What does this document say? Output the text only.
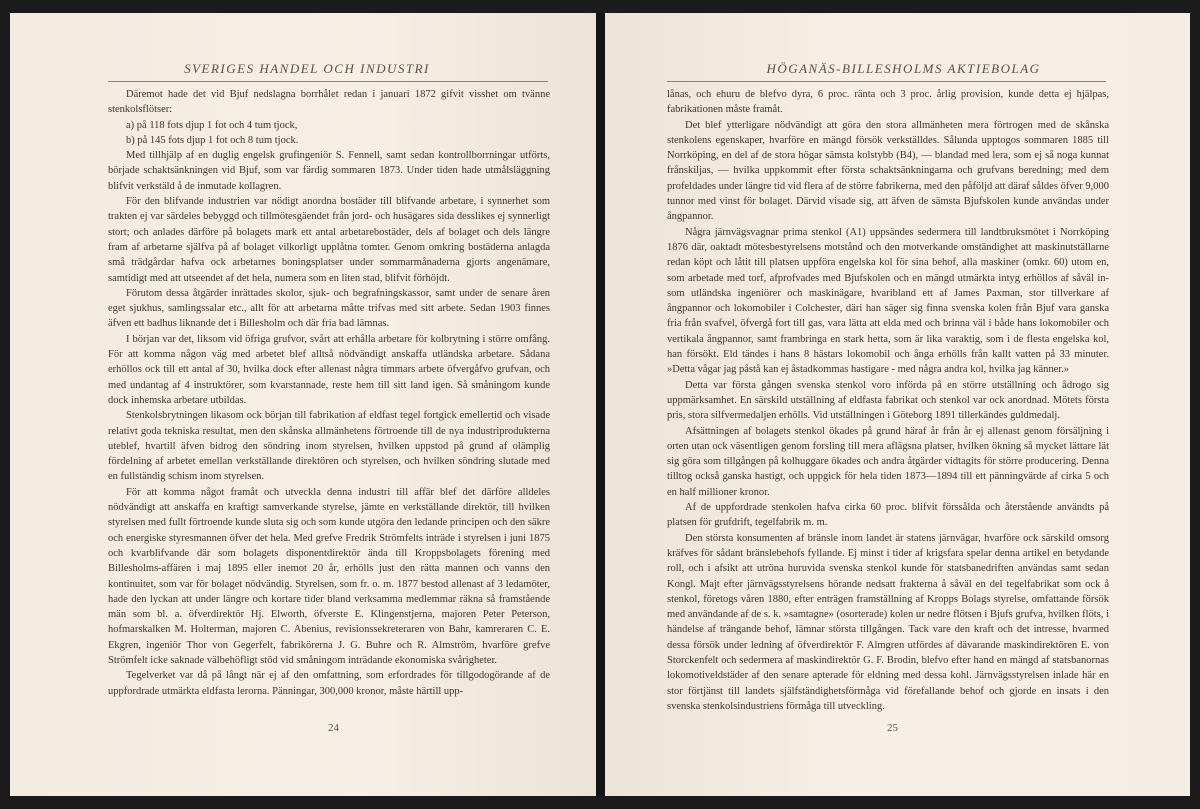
SVERIGES HANDEL OCH INDUSTRI

Däremot hade det vid Bjuf nedslagna borrhålet redan i januari 1872 gifvit visshet om tvänne stenkolsflötser:

a) på 118 fots djup 1 fot och 4 tum tjock,

b) på 145 fots djup 1 fot och 8 tum tjock.

Med tillhjälp af en duglig engelsk grufingeniör S. Fennell, samt sedan kontrollborrningar utförts, började schaktsänkningen vid Bjuf, som var färdig sommaren 1873. Under tiden hade utmålsläggning blifvit verkstäld å de inmutade kollagren.

För den blifvande industrien var nödigt anordna bostäder till blifvande arbetare, i synnerhet som trakten ej var särdeles bebyggd och tillmötesgäendet från jord- och husägares sida desslikes ej synnerligt stort; och anlades därföre på bolagets mark ett antal arbetarebostäder, dels af bolaget och dels längre fram af arbetarne själfva på af bolaget vilkorligt upplåtna tomter. Genom omkring bostäderna anlagda små trädgårdar hafva ock arbetarnes boningsplatser under sommarmånaderna gjorts angenämare, samtidigt med att utseendet af det hela, numera som en liten stad, blifvit förhöjdt.

Förutom dessa åtgärder inrättades skolor, sjuk- och begrafningskassor, samt under de senare åren eget sjukhus, samlingssalar etc., allt för att arbetarna måtte trifvas med sitt arbete. Sedan 1903 finnes äfven ett badhus liknande det i Billesholm och där fria bad lämnas.

I början var det, liksom vid öfriga grufvor, svårt att erhålla arbetare för kolbrytning i större omfång. För att komma någon väg med arbetet blef alltså nödvändigt anskaffa utländska arbetare. Sådana erhöllos ock till ett antal af 30, hvilka dock efter allenast några timmars arbete öfvergåfvo grufvan, och med undantag af 4 instruktörer, som kvarstannade, reste hem till sitt land igen. Så småningom kunde dock inhemska arbetare utbildas.

Stenkolsbrytningen likasom ock början till fabrikation af eldfast tegel fortgick emellertid och visade relativt goda tekniska resultat, men den skånska allmänhetens förtroende till de nya industriprodukterna uteblef, hvartill äfven bidrog den söndring inom styrelsen, hvilken uppstod på grund af olämplig fördelning af arbetet emellan verkställande direktören och styrelsen, och hvilken söndring slutade med en fullständig schism inom styrelsen.

För att komma något framåt och utveckla denna industri till affär blef det därföre alldeles nödvändigt att anskaffa en kraftigt samverkande styrelse, jämte en verkställande direktör, till hvilken styrelsen med fullt förtroende kunde sluta sig och som kunde utgöra den ledande principen och den säkre och energiske styresmannen öfver det hela. Med grefve Fredrik Strömfelts inträde i styrelsen i juni 1875 och kvarblifvande där som bolagets disponentdirektör ända till Kroppsbolagets förening med Billesholms-affären i maj 1895 eller inemot 20 år, erhölls just den rätta mannen och vanns den kontinuitet, som var för bolaget nödvändig. Styrelsen, som fr. o. m. 1877 bestod allenast af 3 ledamöter, hade den lyckan att under längre och kortare tider bland verksamma medlemmar räkna så framstående män som bl. a. öfverdirektör Hj. Elworth, öfverste E. Klingenstjerna, majoren Peter Peterson, hofmarskalken M. Holterman, majoren C. Abenius, revisionssekreteraren von Bahr, kamreraren C. E. Ekgren, ingeniör Thor von Gegerfelt, fabrikörerna J. G. Buhre och R. Almström, hvarföre grefve Strömfelt icke saknade välbehöfligt stöd vid småningom inträdande ekonomiska svårigheter.

Tegelverket var då på långt när ej af den omfattning, som erfordrades för tillgodogörande af de uppfordrade utmärkta eldfasta lerorna. Pänningar, 300,000 kronor, måste härtill upp-

24
HÖGANÄS-BILLESHOLMS AKTIEBOLAG

lånas, och ehuru de blefvo dyra, 6 proc. ränta och 3 proc. årlig provision, kunde detta ej hjälpas, fabrikationen måste framåt.

Det blef ytterligare nödvändigt att göra den stora allmänheten mera förtrogen med de skånska stenkolens egenskaper, hvarföre en mängd försök verkställdes. Sålunda upptogos sommaren 1885 till Norrköping, en del af de stora högar sämsta kolstybb (B4), — blandad med lera, som ej så noga kunnat frånskiljas, — hvilka uppkommit efter första schaktsänkningarna och grufvans beredning; med dem profeldades under längre tid vid flera af de större fabrikerna, med den påföljd att däraf såldes öfver 9,000 tunnor med vinst för bolaget. Därvid visade sig, att äfven de sämsta Bjufskolen kunde användas under ångpannor.

Några järnvägsvagnar prima stenkol (A1) uppsändes sedermera till landtbruksmötet i Norrköping 1876 där, oaktadt mötesbestyrelsens motstånd och den motverkande omständighet att maskinutställarne redan köpt och låtit till platsen uppföra engelska kol för sina behof, alla maskiner (omkr. 60) utom en, som arbetade med torf, afprofvades med Bjufskolen och en mängd utmärkta intyg erhöllos af såväl in- som utländska ingeniörer och maskinägare, hvaribland ett af James Paxman, stor tillverkare af ångpannor och lokomobiler i Colchester, däri han säger sig finna svenska kolen från Bjuf vara ganska fria från svafvel, öfvergå fort till gas, vara lätta att elda med och brinna väl i både hans lokomobiler och vertikala ångpannor, samt frambringa en stark hetta, som är lika varaktig, som i de flesta engelska kol, han försökt. Eld tändes i hans 8 hästars lokomobil och ånga erhölls från kallt vatten på 33 minuter. »Detta vågar jag påstå kan ej åstadkommas hastigare - med några andra kol, hvilka jag känner.»

Detta var första gången svenska stenkol voro införda på en större utställning och ådrogo sig uppmärksamhet. En särskild utställning af eldfasta fabrikat och stenkol var ock anordnad. Mötets första pris, stora silfvermedaljen erhölls. Vid utställningen i Göteborg 1891 tillerkändes guldmedalj.

Afsättningen af bolagets stenkol ökades på grund häraf år från år ej allenast genom försäljning i orten utan ock väsentligen genom forsling till mera aflägsna platser, hvilken ökning så mycket lättare lät sig göra som tillgången på kolhuggare ökades och andra åtgärder vidtagits för större producering. Denna tilltog också ganska hastigt, och uppgick för hela tiden 1873—1894 till ett pänningvärde af cirka 5 och en half millioner kronor.

Af de uppfordrade stenkolen hafva cirka 60 proc. blifvit förssålda och återstående användts på platsen för grufdrift, tegelfabrik m. m.

Den största konsumenten af bränsle inom landet är statens järnvägar, hvarföre ock särskild omsorg kräfves för sådant bränslebehofs fyllande. Ej minst i tider af krigsfara spelar denna artikel en betydande roll, och i afsikt att utröna huruvida svenska stenkol kunde för statsbanedriften användas samt sedan Kongl. Majt efter järnvägsstyrelsens hörande nedsatt frakterna å såväl en del tegelfabrikat som ock å stenkol, företogs våren 1880, efter enträgen framställning af Kropps Bolags styrelse, omfattande försök med användande af de s. k. »samtagne» (osorterade) kolen ur nedre flötsen i Bjufs grufva, hvilken flöts, i händelse af trängande behof, lämnar största tillgången. Tack vare den kraft och det intresse, hvarmed dessa försök under ledning af öfverdirektör F. Almgren utfördes af dävarande maskindirektören E. von Storckenfelt och sedermera af maskindirektör G. F. Brodin, blefvo efter hand en mängd af statsbanornas lokomotiveldstäder af den senare apterade för eldning med dessa kohl. Järnvägsstyrelsen inlade här en stor förtjänst till landets själfständighetsförmåga vid förefallande behof och gjorde en insats i den svenska stenkolsindustriens förmåga till utveckling.

25
